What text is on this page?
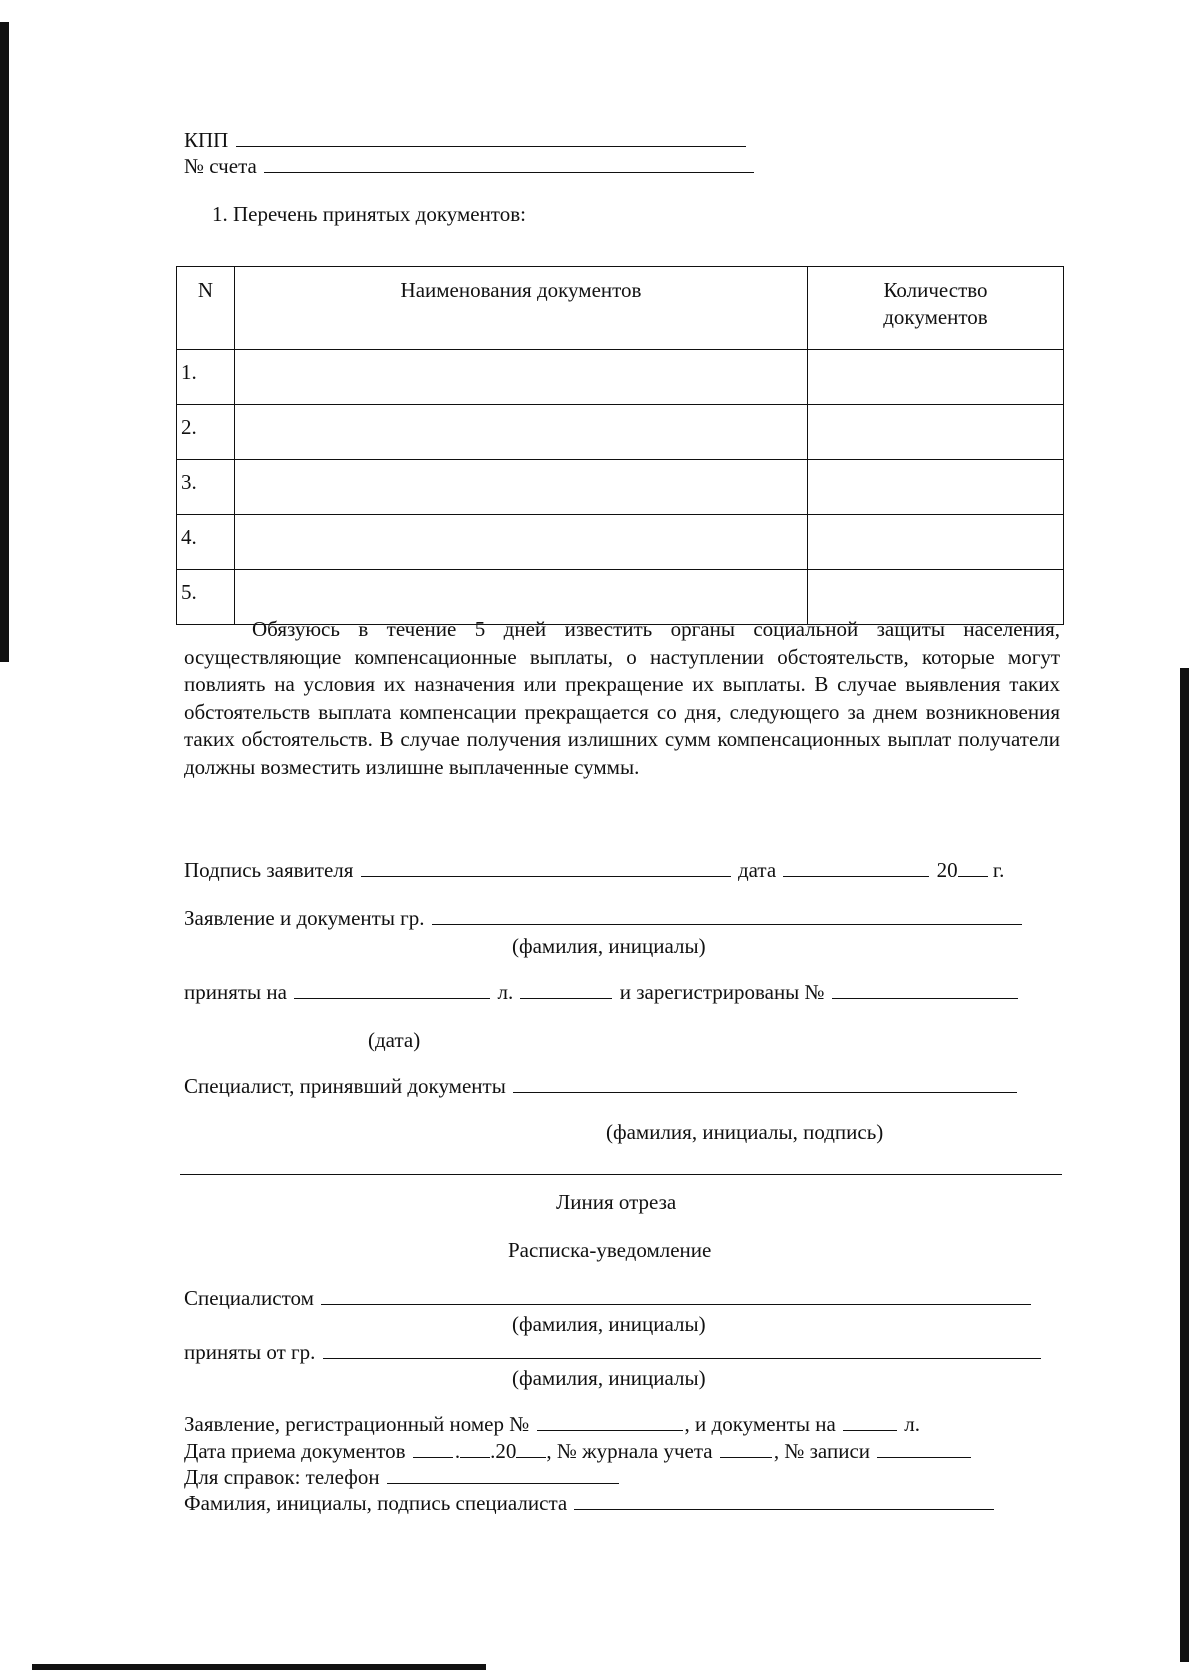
КПП
№ счета
1. Перечень принятых документов:
N	Наименования документов	Количество
документов
1.		
2.		
3.		
4.		
5.		
Обязуюсь в течение 5 дней известить органы социальной защиты населения, осуществляющие компенсационные выплаты, о наступлении обстоятельств, которые могут повлиять на условия их назначения или прекращение их выплаты. В случае выявления таких обстоятельств выплата компенсации прекращается со дня, следующего за днем возникновения таких обстоятельств. В случае получения излишних сумм компенсационных выплат получатели должны возместить излишне выплаченные суммы.
Подпись заявителя	дата	20 г.
Заявление и документы гр.
(фамилия, инициалы)
приняты на	л.	и зарегистрированы №
(дата)
Специалист, принявший документы
(фамилия, инициалы, подпись)
Линия отреза
Расписка-уведомление
Специалистом
(фамилия, инициалы)
приняты от гр.
(фамилия, инициалы)
Заявление, регистрационный номер №	, и документы на	л.
Дата приема документов . .20 , № журнала учета	, № записи
Для справок: телефон
Фамилия, инициалы, подпись специалиста
